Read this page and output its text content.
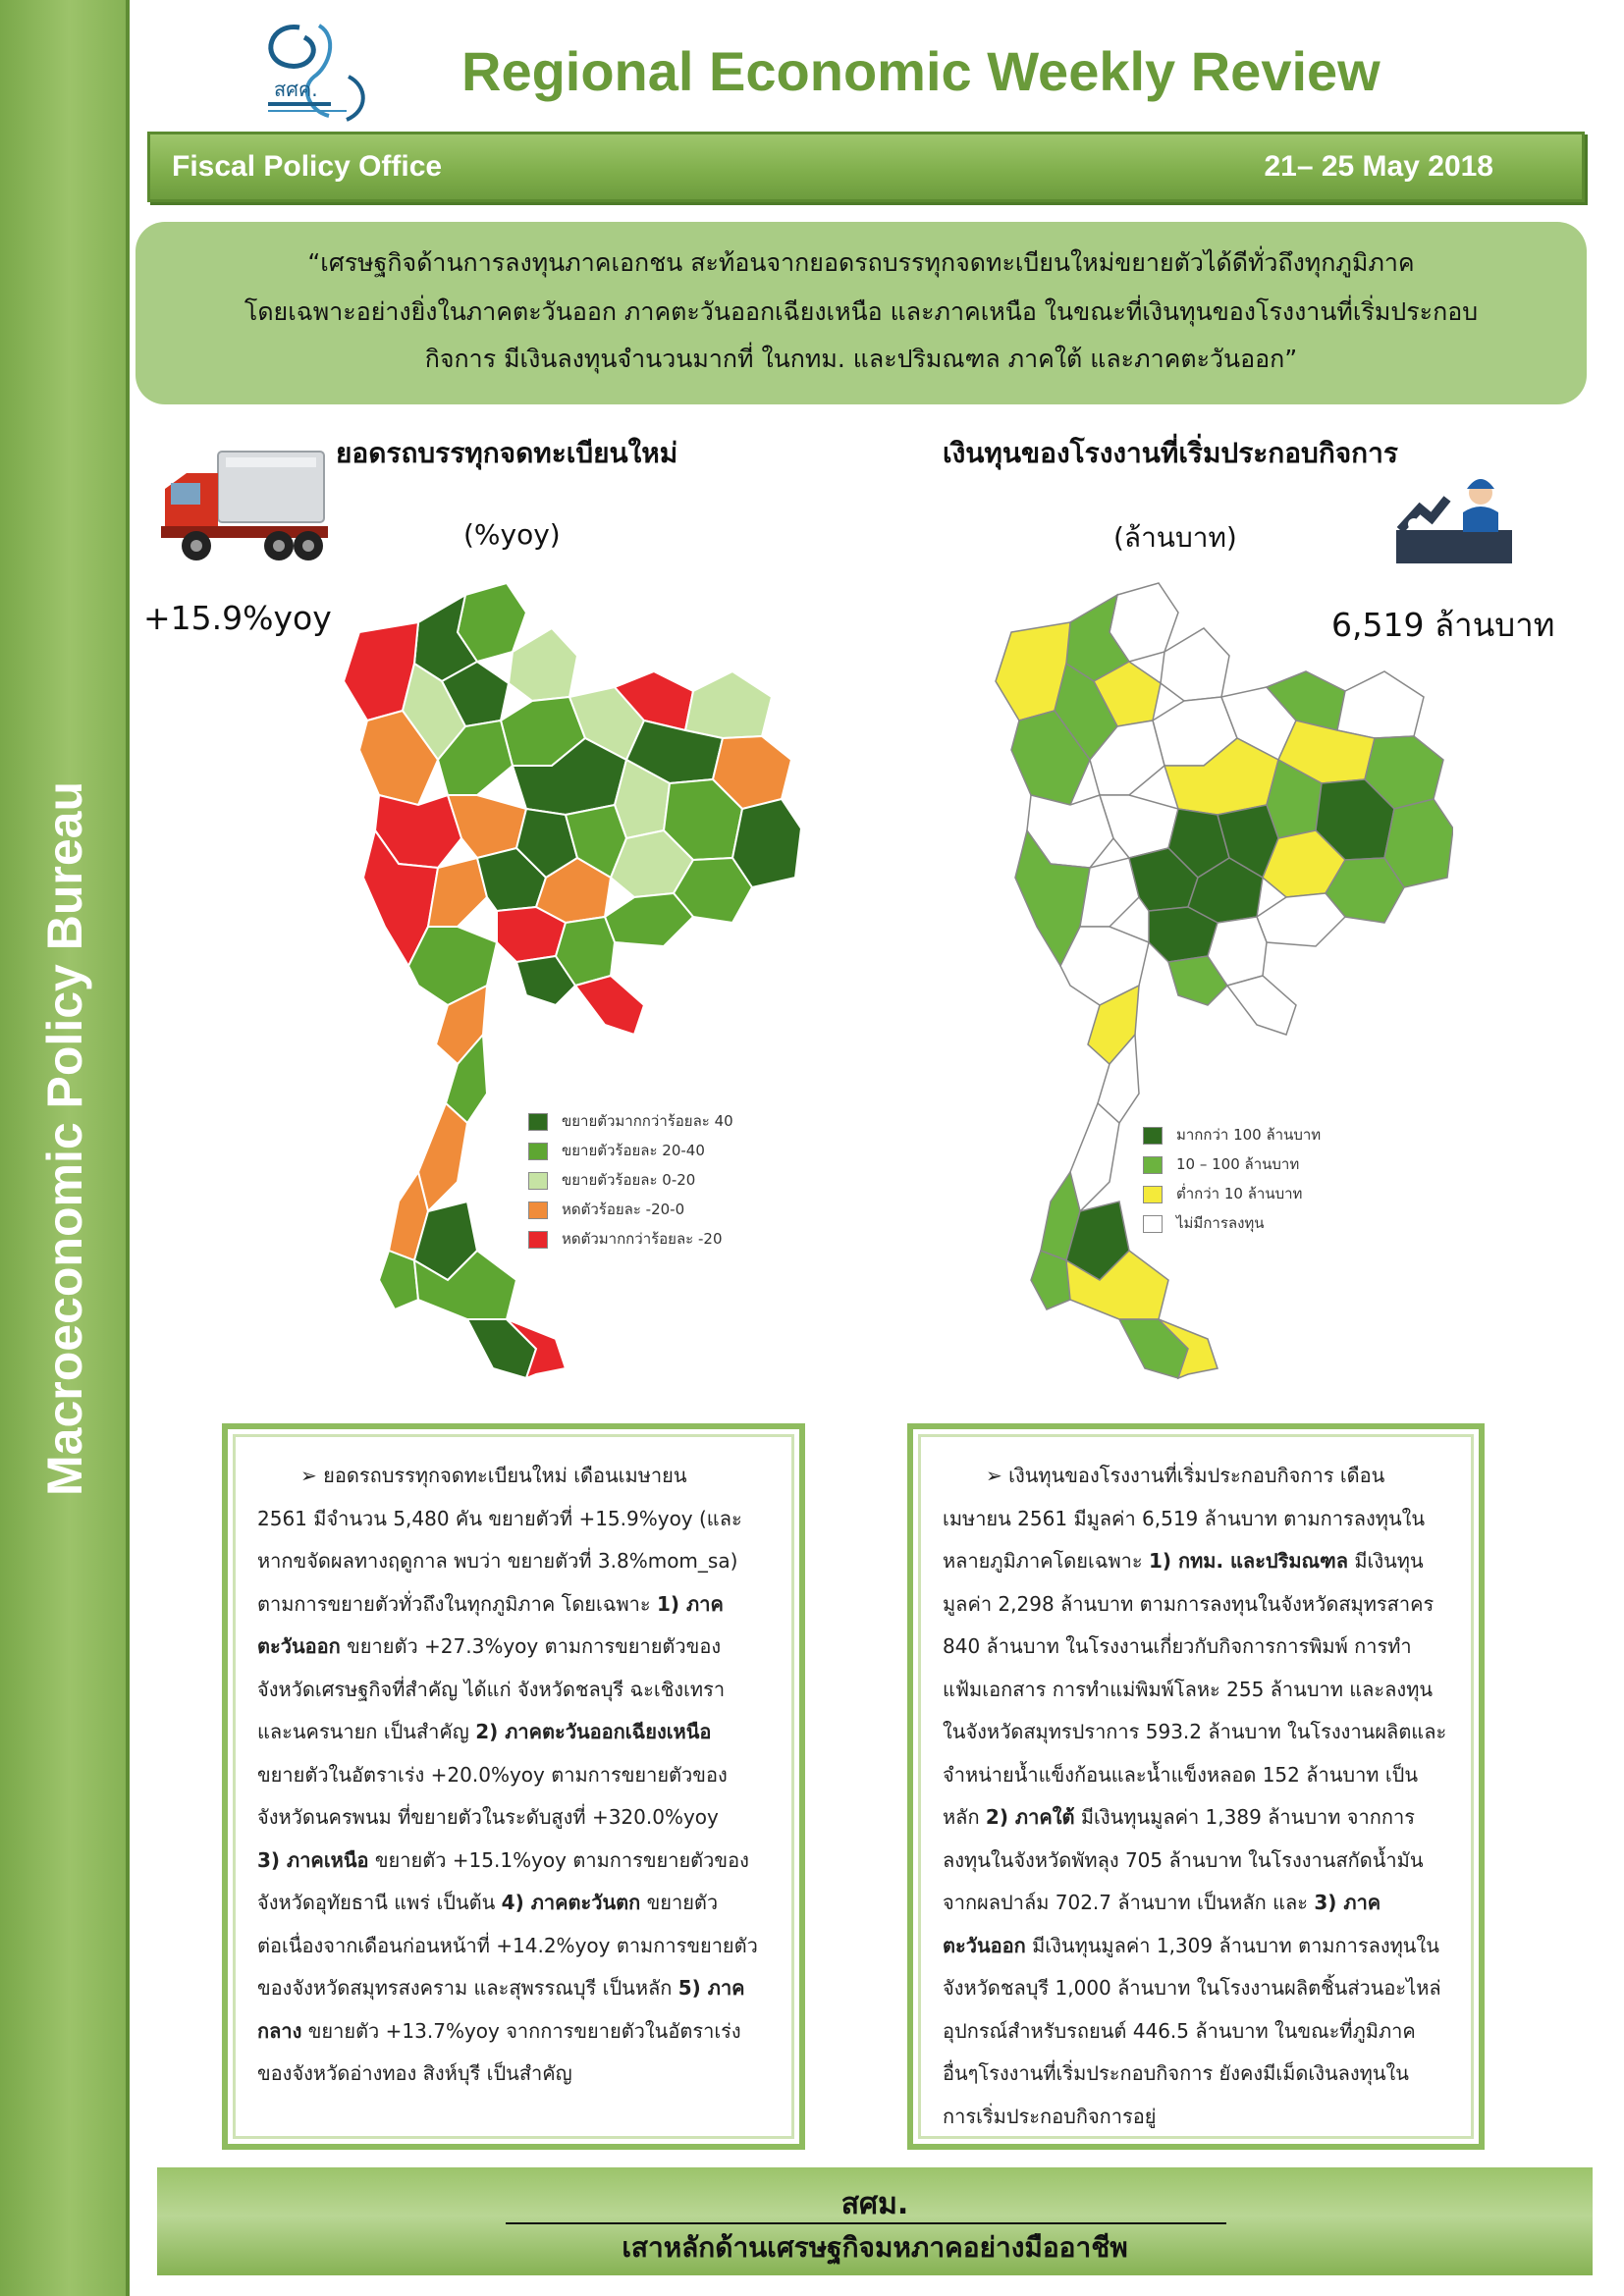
Macroeconomic Policy Bureau
สศค.	Regional Economic Weekly Review
Fiscal Policy Office	21– 25 May 2018
“เศรษฐกิจด้านการลงทุนภาคเอกชน สะท้อนจากยอดรถบรรทุกจดทะเบียนใหม่ขยายตัวได้ดีทั่วถึงทุกภูมิภาค
โดยเฉพาะอย่างยิ่งในภาคตะวันออก ภาคตะวันออกเฉียงเหนือ และภาคเหนือ ในขณะที่เงินทุนของโรงงานที่เริ่มประกอบ
กิจการ มีเงินลงทุนจำนวนมากที่ ในกทม. และปริมณฑล ภาคใต้ และภาคตะวันออก”
ยอดรถบรรทุกจดทะเบียนใหม่
(%yoy)
+15.9%yoy
เงินทุนของโรงงานที่เริ่มประกอบกิจการ
(ล้านบาท)
6,519 ล้านบาท
ขยายตัวมากกว่าร้อยละ 40
ขยายตัวร้อยละ 20-40
ขยายตัวร้อยละ 0-20
หดตัวร้อยละ -20-0
หดตัวมากกว่าร้อยละ -20
มากกว่า 100 ล้านบาท
10 – 100 ล้านบาท
ต่ำกว่า 10 ล้านบาท
ไม่มีการลงทุน

➢ ยอดรถบรรทุกจดทะเบียนใหม่ เดือนเมษายน

2561 มีจำนวน 5,480 คัน ขยายตัวที่ +15.9%yoy (และ

หากขจัดผลทางฤดูกาล พบว่า ขยายตัวที่ 3.8%mom_sa)

ตามการขยายตัวทั่วถึงในทุกภูมิภาค โดยเฉพาะ 1) ภาค

ตะวันออก ขยายตัว +27.3%yoy ตามการขยายตัวของ

จังหวัดเศรษฐกิจที่สำคัญ ได้แก่ จังหวัดชลบุรี ฉะเชิงเทรา

และนครนายก เป็นสำคัญ 2) ภาคตะวันออกเฉียงเหนือ

ขยายตัวในอัตราเร่ง +20.0%yoy ตามการขยายตัวของ

จังหวัดนครพนม ที่ขยายตัวในระดับสูงที่ +320.0%yoy

3) ภาคเหนือ ขยายตัว +15.1%yoy ตามการขยายตัวของ

จังหวัดอุทัยธานี แพร่ เป็นต้น 4) ภาคตะวันตก ขยายตัว

ต่อเนื่องจากเดือนก่อนหน้าที่ +14.2%yoy ตามการขยายตัว

ของจังหวัดสมุทรสงคราม และสุพรรณบุรี เป็นหลัก 5) ภาค

กลาง ขยายตัว +13.7%yoy จากการขยายตัวในอัตราเร่ง

ของจังหวัดอ่างทอง สิงห์บุรี เป็นสำคัญ

➢ เงินทุนของโรงงานที่เริ่มประกอบกิจการ เดือน

เมษายน 2561 มีมูลค่า 6,519 ล้านบาท ตามการลงทุนใน

หลายภูมิภาคโดยเฉพาะ 1) กทม. และปริมณฑล มีเงินทุน

มูลค่า 2,298 ล้านบาท ตามการลงทุนในจังหวัดสมุทรสาคร

840 ล้านบาท ในโรงงานเกี่ยวกับกิจการการพิมพ์ การทำ

แฟ้มเอกสาร การทำแม่พิมพ์โลหะ 255 ล้านบาท และลงทุน

ในจังหวัดสมุทรปราการ 593.2 ล้านบาท ในโรงงานผลิตและ

จำหน่ายน้ำแข็งก้อนและน้ำแข็งหลอด 152 ล้านบาท เป็น

หลัก 2) ภาคใต้ มีเงินทุนมูลค่า 1,389 ล้านบาท จากการ

ลงทุนในจังหวัดพัทลุง 705 ล้านบาท ในโรงงานสกัดน้ำมัน

จากผลปาล์ม 702.7 ล้านบาท เป็นหลัก และ 3) ภาค

ตะวันออก มีเงินทุนมูลค่า 1,309 ล้านบาท ตามการลงทุนใน

จังหวัดชลบุรี 1,000 ล้านบาท ในโรงงานผลิตชิ้นส่วนอะไหล่

อุปกรณ์สำหรับรถยนต์ 446.5 ล้านบาท ในขณะที่ภูมิภาค

อื่นๆโรงงานที่เริ่มประกอบกิจการ ยังคงมีเม็ดเงินลงทุนใน

การเริ่มประกอบกิจการอยู่

สศม.
เสาหลักด้านเศรษฐกิจมหภาคอย่างมืออาชีพ
